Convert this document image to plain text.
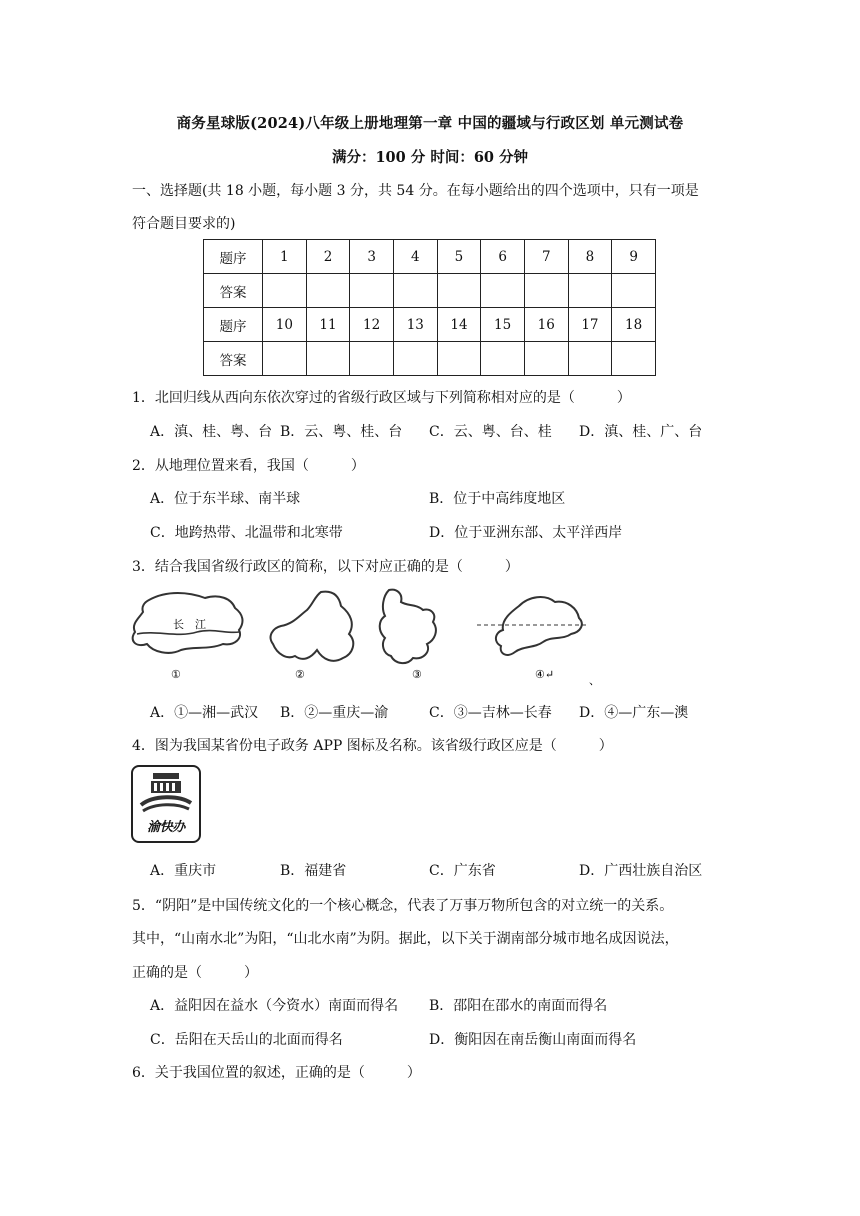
商务星球版(2024)八年级上册地理第一章 中国的疆域与行政区划 单元测试卷
满分：100 分 时间：60 分钟
一、选择题(共 18 小题，每小题 3 分，共 54 分。在每小题给出的四个选项中，只有一项是
符合题目要求的)
题序	1	2	3	4	5	6	7	8	9
答案									
题序	10	11	12	13	14	15	16	17	18
答案									
1．北回归线从西向东依次穿过的省级行政区域与下列简称相对应的是（　　　）
A．滇、桂、粤、台 B．云、粤、桂、台 C．云、粤、台、桂 D．滇、桂、广、台
2．从地理位置来看，我国（　　　）
A．位于东半球、南半球	B．位于中高纬度地区
C．地跨热带、北温带和北寒带	D．位于亚洲东部、太平洋西岸
3．结合我国省级行政区的简称，以下对应正确的是（　　　）
长　江
①	②	③	④↵	、
A．①—湘—武汉 B．②—重庆—渝	C．③—吉林—长春 D．④—广东—澳
4．图为我国某省份电子政务 APP 图标及名称。该省级行政区应是（　　　）
渝快办
A．重庆市	B．福建省	C．广东省	D．广西壮族自治区
5．“阴阳”是中国传统文化的一个核心概念，代表了万事万物所包含的对立统一的关系。
其中，“山南水北”为阳，“山北水南”为阴。据此，以下关于湖南部分城市地名成因说法，
正确的是（　　　）
A．益阳因在益水（今资水）南面而得名 B．邵阳在邵水的南面而得名
C．岳阳在天岳山的北面而得名	D．衡阳因在南岳衡山南面而得名
6．关于我国位置的叙述，正确的是（　　　）
